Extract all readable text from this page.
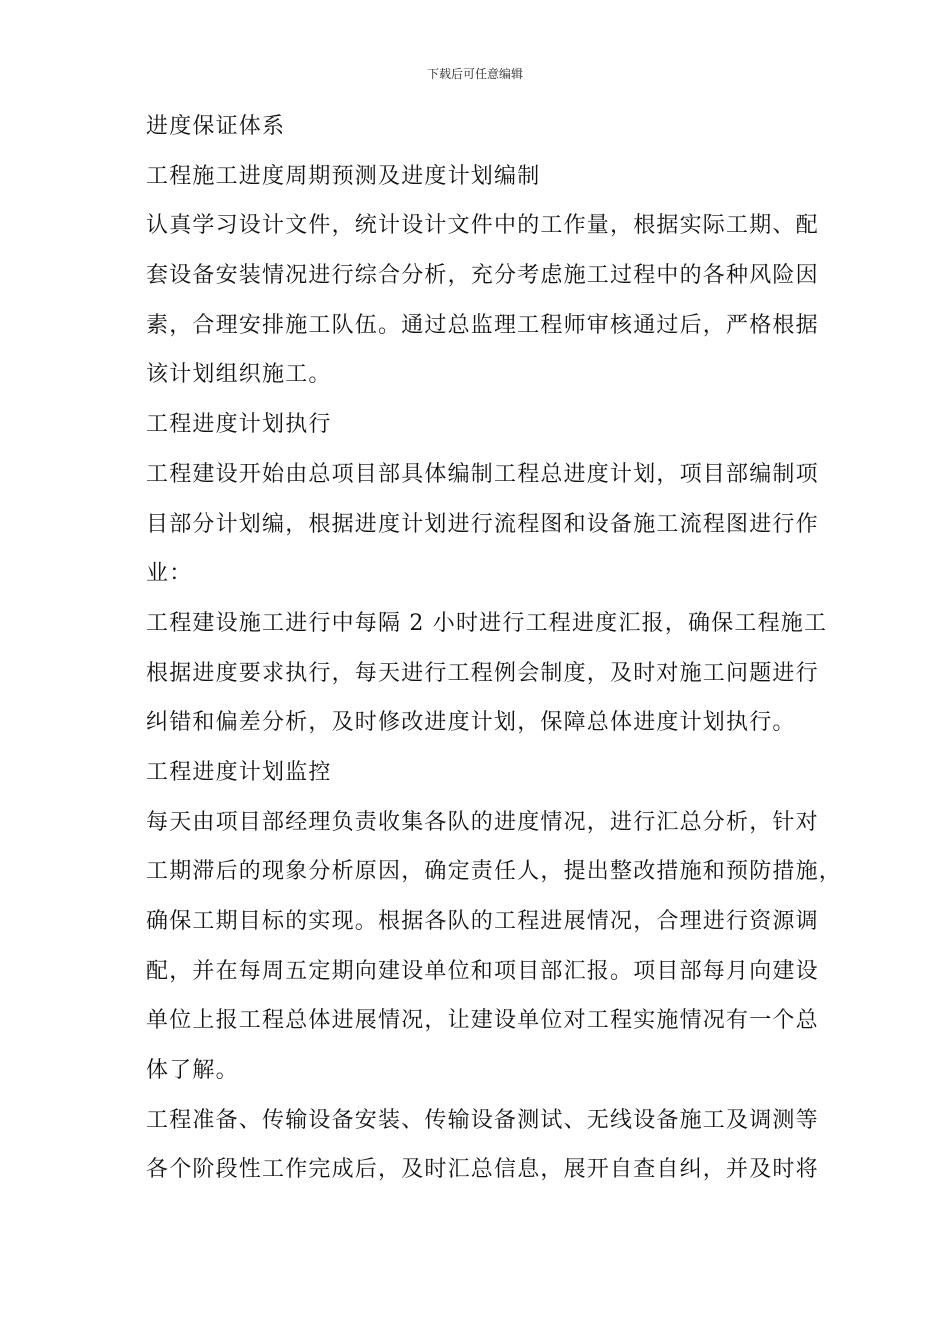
下载后可任意编辑
进度保证体系
工程施工进度周期预测及进度计划编制
认真学习设计文件，统计设计文件中的工作量，根据实际工期、配
套设备安装情况进行综合分析，充分考虑施工过程中的各种风险因
素，合理安排施工队伍。通过总监理工程师审核通过后，严格根据
该计划组织施工。
工程进度计划执行
工程建设开始由总项目部具体编制工程总进度计划，项目部编制项
目部分计划编，根据进度计划进行流程图和设备施工流程图进行作
业：
工程建设施工进行中每隔 2 小时进行工程进度汇报，确保工程施工
根据进度要求执行，每天进行工程例会制度，及时对施工问题进行
纠错和偏差分析，及时修改进度计划，保障总体进度计划执行。
工程进度计划监控
每天由项目部经理负责收集各队的进度情况，进行汇总分析，针对
工期滞后的现象分析原因，确定责任人，提出整改措施和预防措施，
确保工期目标的实现。根据各队的工程进展情况，合理进行资源调
配，并在每周五定期向建设单位和项目部汇报。项目部每月向建设
单位上报工程总体进展情况，让建设单位对工程实施情况有一个总
体了解。
工程准备、传输设备安装、传输设备测试、无线设备施工及调测等
各个阶段性工作完成后，及时汇总信息，展开自查自纠，并及时将
